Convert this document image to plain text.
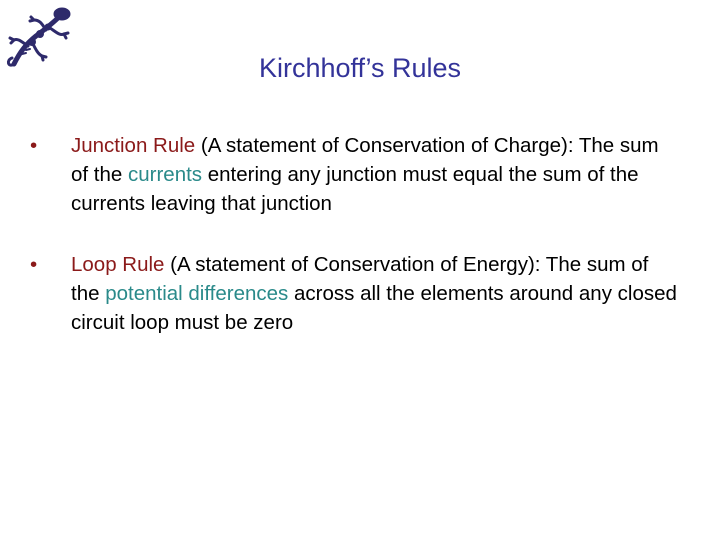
Kirchhoff’s Rules
• Junction Rule (A statement of Conservation of Charge): The sum of the currents entering any junction must equal the sum of the currents leaving that junction
• Loop Rule (A statement of Conservation of Energy): The sum of the potential differences across all the elements around any closed circuit loop must be zero
